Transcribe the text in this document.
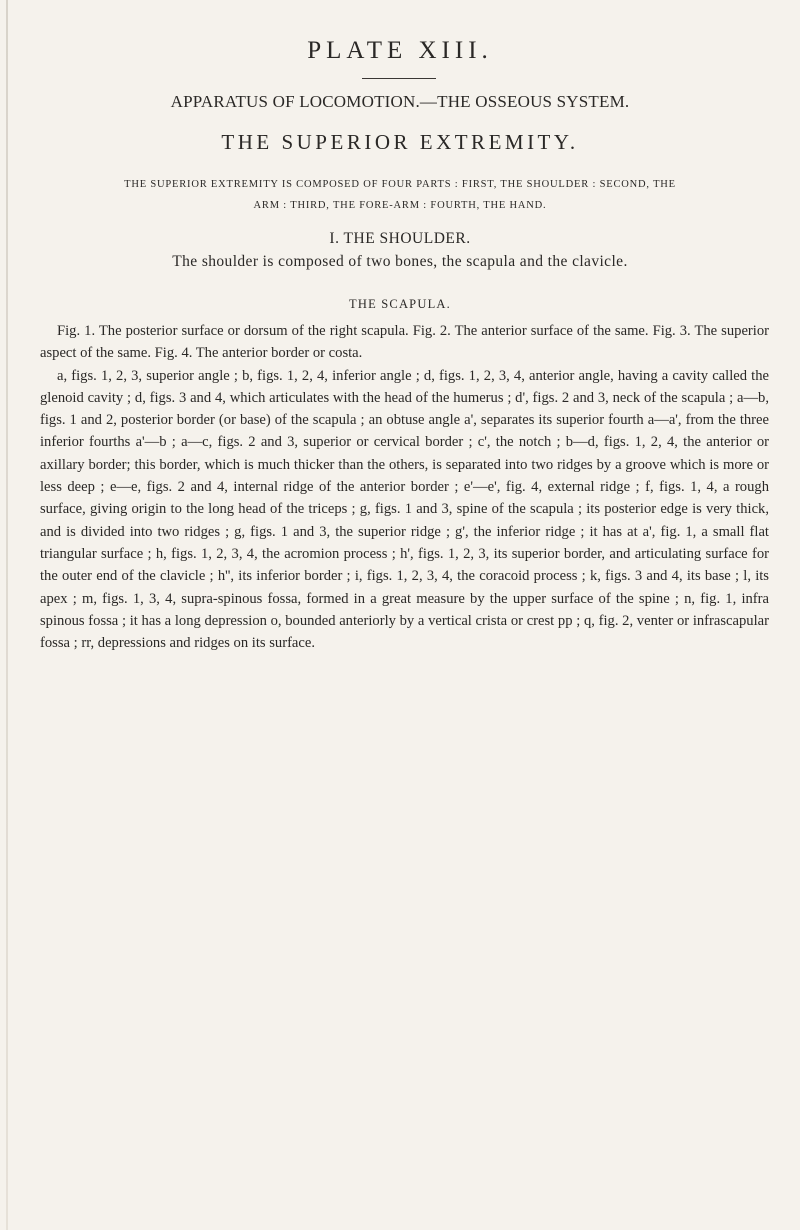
PLATE XIII.
APPARATUS OF LOCOMOTION.—THE OSSEOUS SYSTEM.
THE SUPERIOR EXTREMITY.
THE SUPERIOR EXTREMITY IS COMPOSED OF FOUR PARTS : FIRST, THE SHOULDER : SECOND, THE
ARM : THIRD, THE FORE-ARM : FOURTH, THE HAND.
I. THE SHOULDER.
The shoulder is composed of two bones, the scapula and the clavicle.
THE SCAPULA.

Fig. 1. The posterior surface or dorsum of the right scapula. Fig. 2. The anterior surface of the same. Fig. 3. The superior aspect of the same. Fig. 4. The anterior border or costa.

a, figs. 1, 2, 3, superior angle ; b, figs. 1, 2, 4, inferior angle ; d, figs. 1, 2, 3, 4, anterior angle, having a cavity called the glenoid cavity ; d, figs. 3 and 4, which articulates with the head of the humerus ; d', figs. 2 and 3, neck of the scapula ; a—b, figs. 1 and 2, posterior border (or base) of the scapula ; an obtuse angle a', separates its superior fourth a—a', from the three inferior fourths a'—b ; a—c, figs. 2 and 3, superior or cervical border ; c', the notch ; b—d, figs. 1, 2, 4, the anterior or axillary border; this border, which is much thicker than the others, is separated into two ridges by a groove which is more or less deep ; e—e, figs. 2 and 4, internal ridge of the anterior border ; e'—e', fig. 4, external ridge ; f, figs. 1, 4, a rough surface, giving origin to the long head of the triceps ; g, figs. 1 and 3, spine of the scapula ; its posterior edge is very thick, and is divided into two ridges ; g, figs. 1 and 3, the superior ridge ; g', the inferior ridge ; it has at a', fig. 1, a small flat triangular surface ; h, figs. 1, 2, 3, 4, the acromion process ; h', figs. 1, 2, 3, its superior border, and articulating surface for the outer end of the clavicle ; h'', its inferior border ; i, figs. 1, 2, 3, 4, the coracoid process ; k, figs. 3 and 4, its base ; l, its apex ; m, figs. 1, 3, 4, supra-spinous fossa, formed in a great measure by the upper surface of the spine ; n, fig. 1, infra spinous fossa ; it has a long depression o, bounded anteriorly by a vertical crista or crest pp ; q, fig. 2, venter or infrascapular fossa ; rr, depressions and ridges on its surface.
